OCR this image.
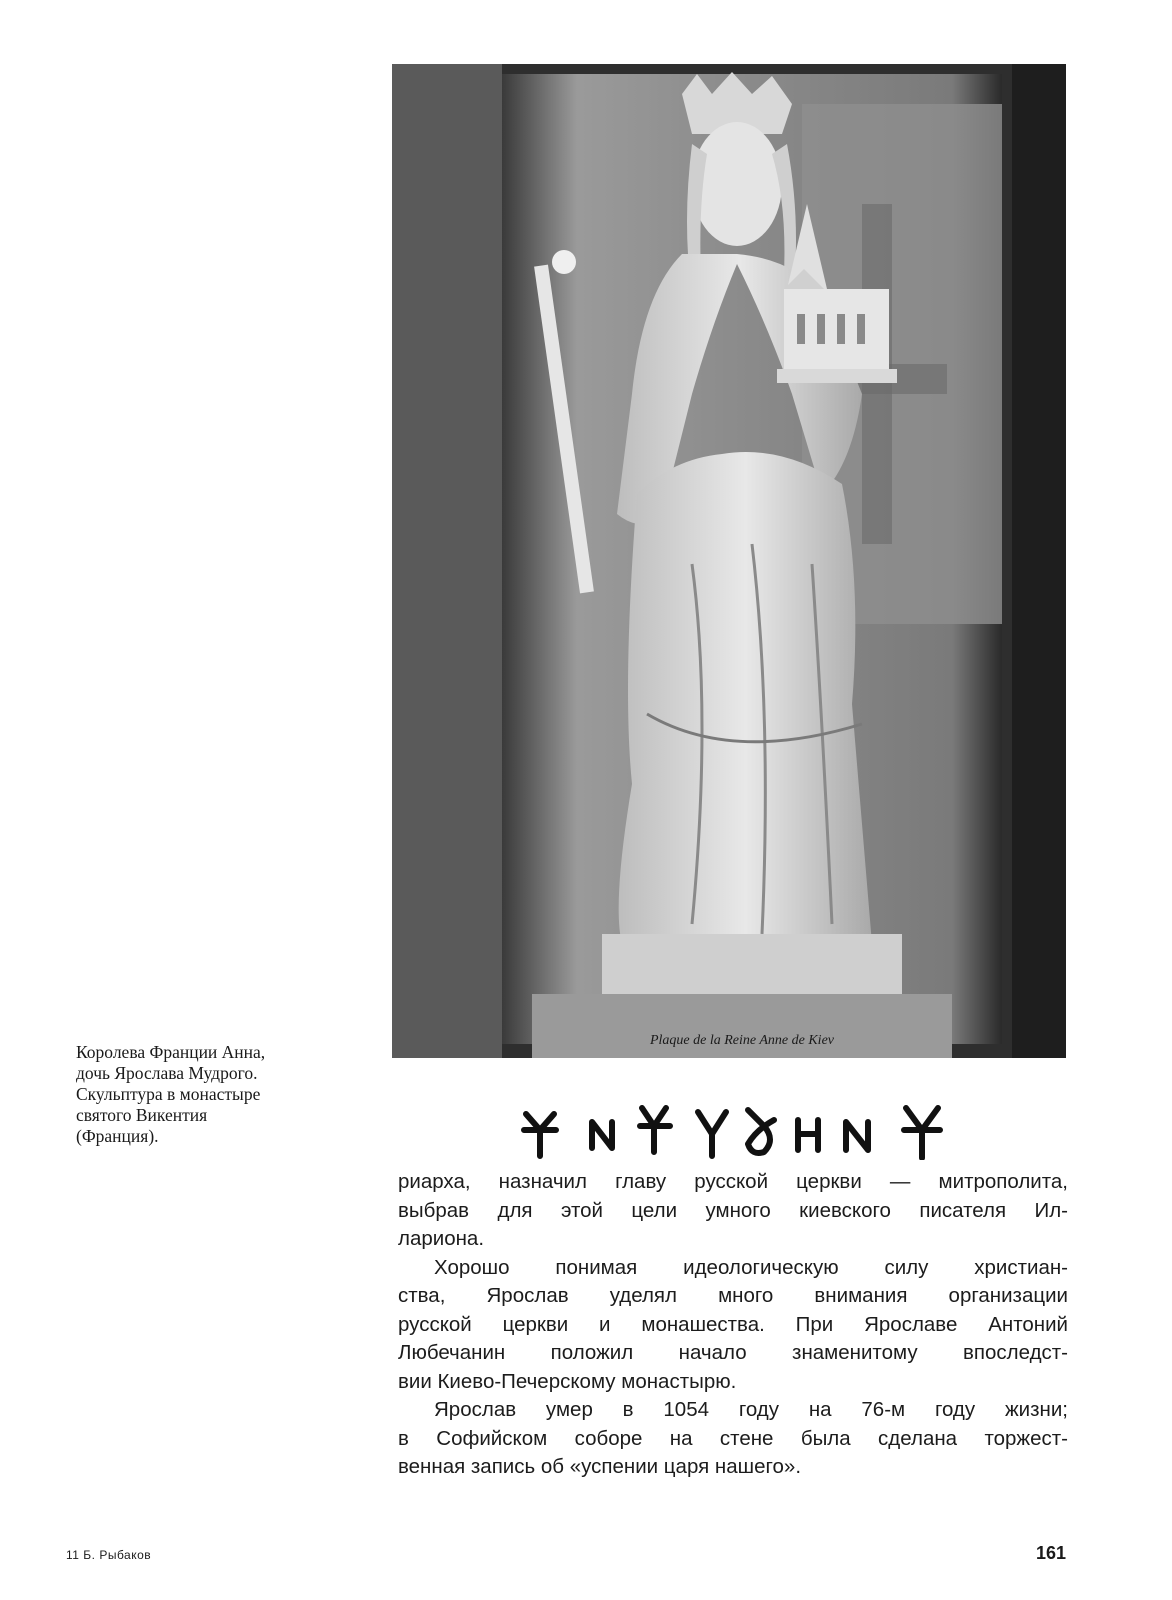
Plaque de la Reine Anne de Kiev
Королева Франции Анна,
дочь Ярослава Мудрого.
Скульптура в монастыре
святого Викентия
(Франция).
риарха, назначил главу русской церкви — митрополита,
выбрав для этой цели умного киевского писателя Ил-
лариона.
Хорошо понимая идеологическую силу христиан-
ства, Ярослав уделял много внимания организации
русской церкви и монашества. При Ярославе Антоний
Любечанин положил начало знаменитому впоследст-
вии Киево-Печерскому монастырю.
Ярослав умер в 1054 году на 76-м году жизни;
в Софийском соборе на стене была сделана торжест-
венная запись об «успении царя нашего».
11 Б. Рыбаков	161
